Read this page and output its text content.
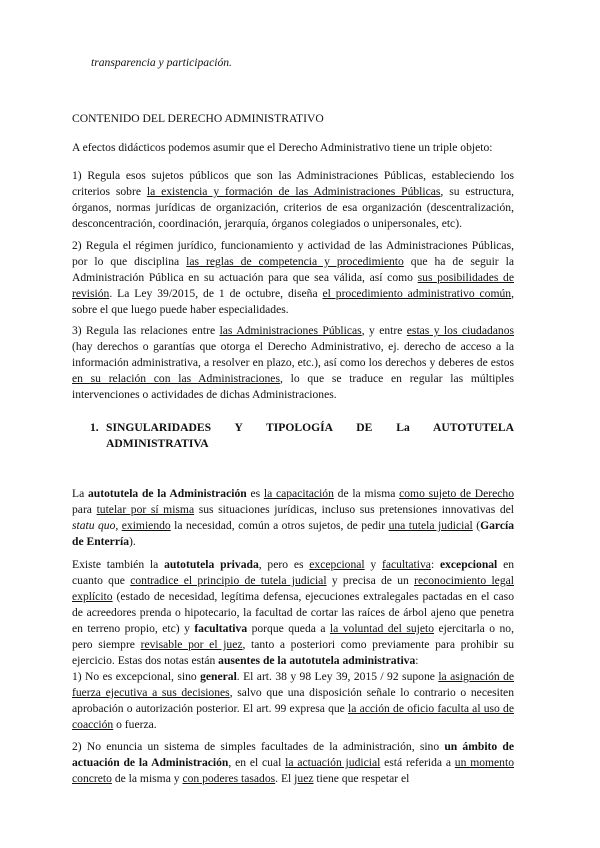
transparencia y participación.
CONTENIDO DEL DERECHO ADMINISTRATIVO

A efectos didácticos podemos asumir que el Derecho Administrativo tiene un triple objeto:

1) Regula esos sujetos públicos que son las Administraciones Públicas, estableciendo los criterios sobre la existencia y formación de las Administraciones Públicas, su estructura, órganos, normas jurídicas de organización, criterios de esa organización (descentralización, desconcentración, coordinación, jerarquía, órganos colegiados o unipersonales, etc).

2) Regula el régimen jurídico, funcionamiento y actividad de las Administraciones Públicas, por lo que disciplina las reglas de competencia y procedimiento que ha de seguir la Administración Pública en su actuación para que sea válida, así como sus posibilidades de revisión. La Ley 39/2015, de 1 de octubre, diseña el procedimiento administrativo común, sobre el que luego puede haber especialidades.

3) Regula las relaciones entre las Administraciones Públicas, y entre estas y los ciudadanos (hay derechos o garantías que otorga el Derecho Administrativo, ej. derecho de acceso a la información administrativa, a resolver en plazo, etc.), así como los derechos y deberes de estos en su relación con las Administraciones, lo que se traduce en regular las múltiples intervenciones o actividades de dichas Administraciones.

1. SINGULARIDADES Y TIPOLOGÍA DE La AUTOTUTELA
ADMINISTRATIVA

La autotutela de la Administración es la capacitación de la misma como sujeto de Derecho para tutelar por sí misma sus situaciones jurídicas, incluso sus pretensiones innovativas del statu quo, eximiendo la necesidad, común a otros sujetos, de pedir una tutela judicial (García de Enterría).

Existe también la autotutela privada, pero es excepcional y facultativa: excepcional en cuanto que contradice el principio de tutela judicial y precisa de un reconocimiento legal explícito (estado de necesidad, legítima defensa, ejecuciones extralegales pactadas en el caso de acreedores prenda o hipotecario, la facultad de cortar las raíces de árbol ajeno que penetra en terreno propio, etc) y facultativa porque queda a la voluntad del sujeto ejercitarla o no, pero siempre revisable por el juez, tanto a posteriori como previamente para prohibir su ejercicio. Estas dos notas están ausentes de la autotutela administrativa:

1) No es excepcional, sino general. El art. 38 y 98 Ley 39, 2015 / 92 supone la asignación de fuerza ejecutiva a sus decisiones, salvo que una disposición señale lo contrario o necesiten aprobación o autorización posterior. El art. 99 expresa que la acción de oficio faculta al uso de coacción o fuerza.

2) No enuncia un sistema de simples facultades de la administración, sino un ámbito de actuación de la Administración, en el cual la actuación judicial está referida a un momento concreto de la misma y con poderes tasados. El juez tiene que respetar el
